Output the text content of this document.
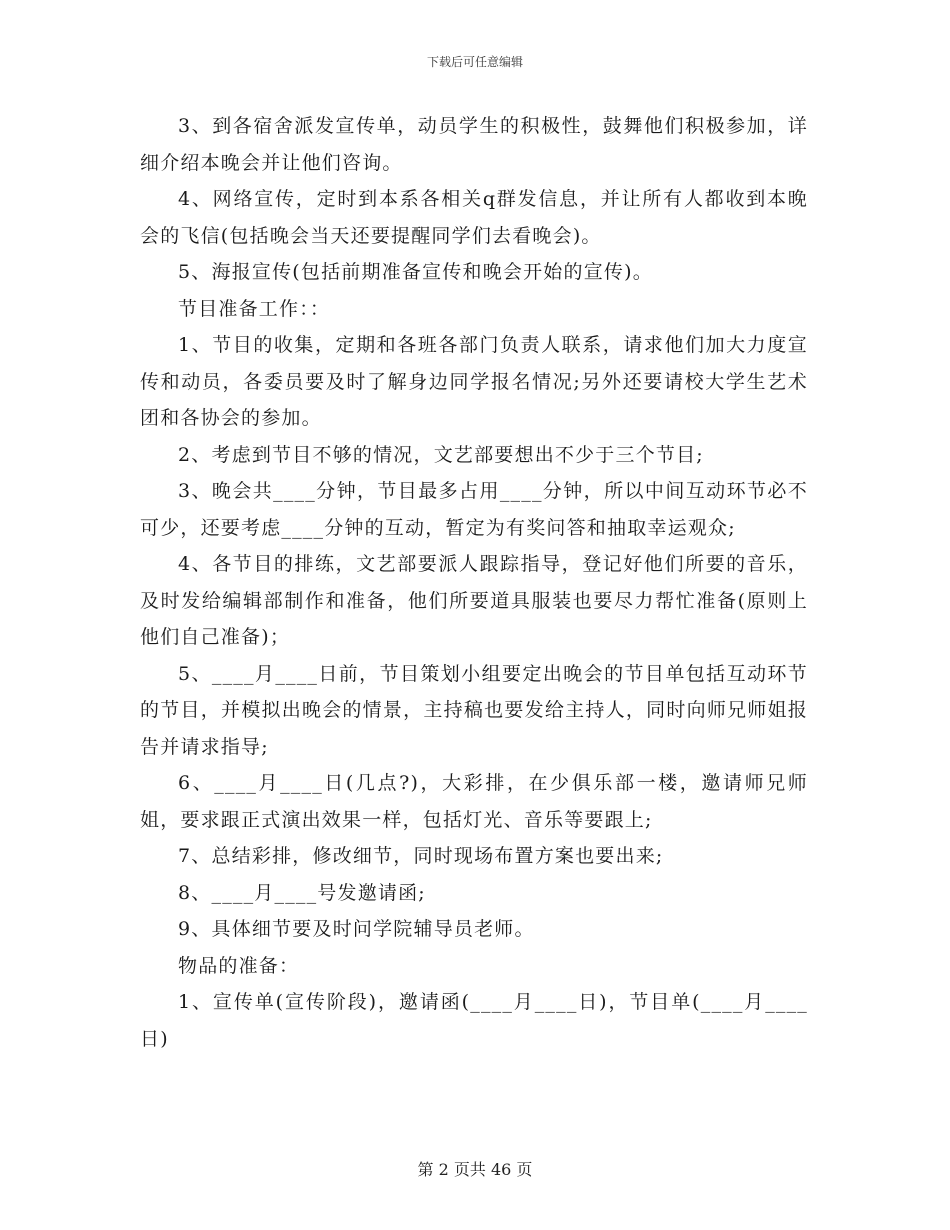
下载后可任意编辑

3、到各宿舍派发宣传单，动员学生的积极性，鼓舞他们积极参加，详细介绍本晚会并让他们咨询。

4、网络宣传，定时到本系各相关q群发信息，并让所有人都收到本晚会的飞信(包括晚会当天还要提醒同学们去看晚会)。

5、海报宣传(包括前期准备宣传和晚会开始的宣传)。

节目准备工作：：

1、节目的收集，定期和各班各部门负责人联系，请求他们加大力度宣传和动员，各委员要及时了解身边同学报名情况;另外还要请校大学生艺术团和各协会的参加。

2、考虑到节目不够的情况，文艺部要想出不少于三个节目;

3、晚会共____分钟，节目最多占用____分钟，所以中间互动环节必不可少，还要考虑____分钟的互动，暂定为有奖问答和抽取幸运观众;

4、各节目的排练，文艺部要派人跟踪指导，登记好他们所要的音乐，及时发给编辑部制作和准备，他们所要道具服装也要尽力帮忙准备(原则上他们自己准备)；

5、____月____日前，节目策划小组要定出晚会的节目单包括互动环节的节目，并模拟出晚会的情景，主持稿也要发给主持人，同时向师兄师姐报告并请求指导;

6、____月____日(几点?)，大彩排，在少俱乐部一楼，邀请师兄师姐，要求跟正式演出效果一样，包括灯光、音乐等要跟上;

7、总结彩排，修改细节，同时现场布置方案也要出来;

8、____月____号发邀请函;

9、具体细节要及时问学院辅导员老师。

物品的准备：

1、宣传单(宣传阶段)，邀请函(____月____日)，节目单(____月____日)

第 2 页共 46 页
